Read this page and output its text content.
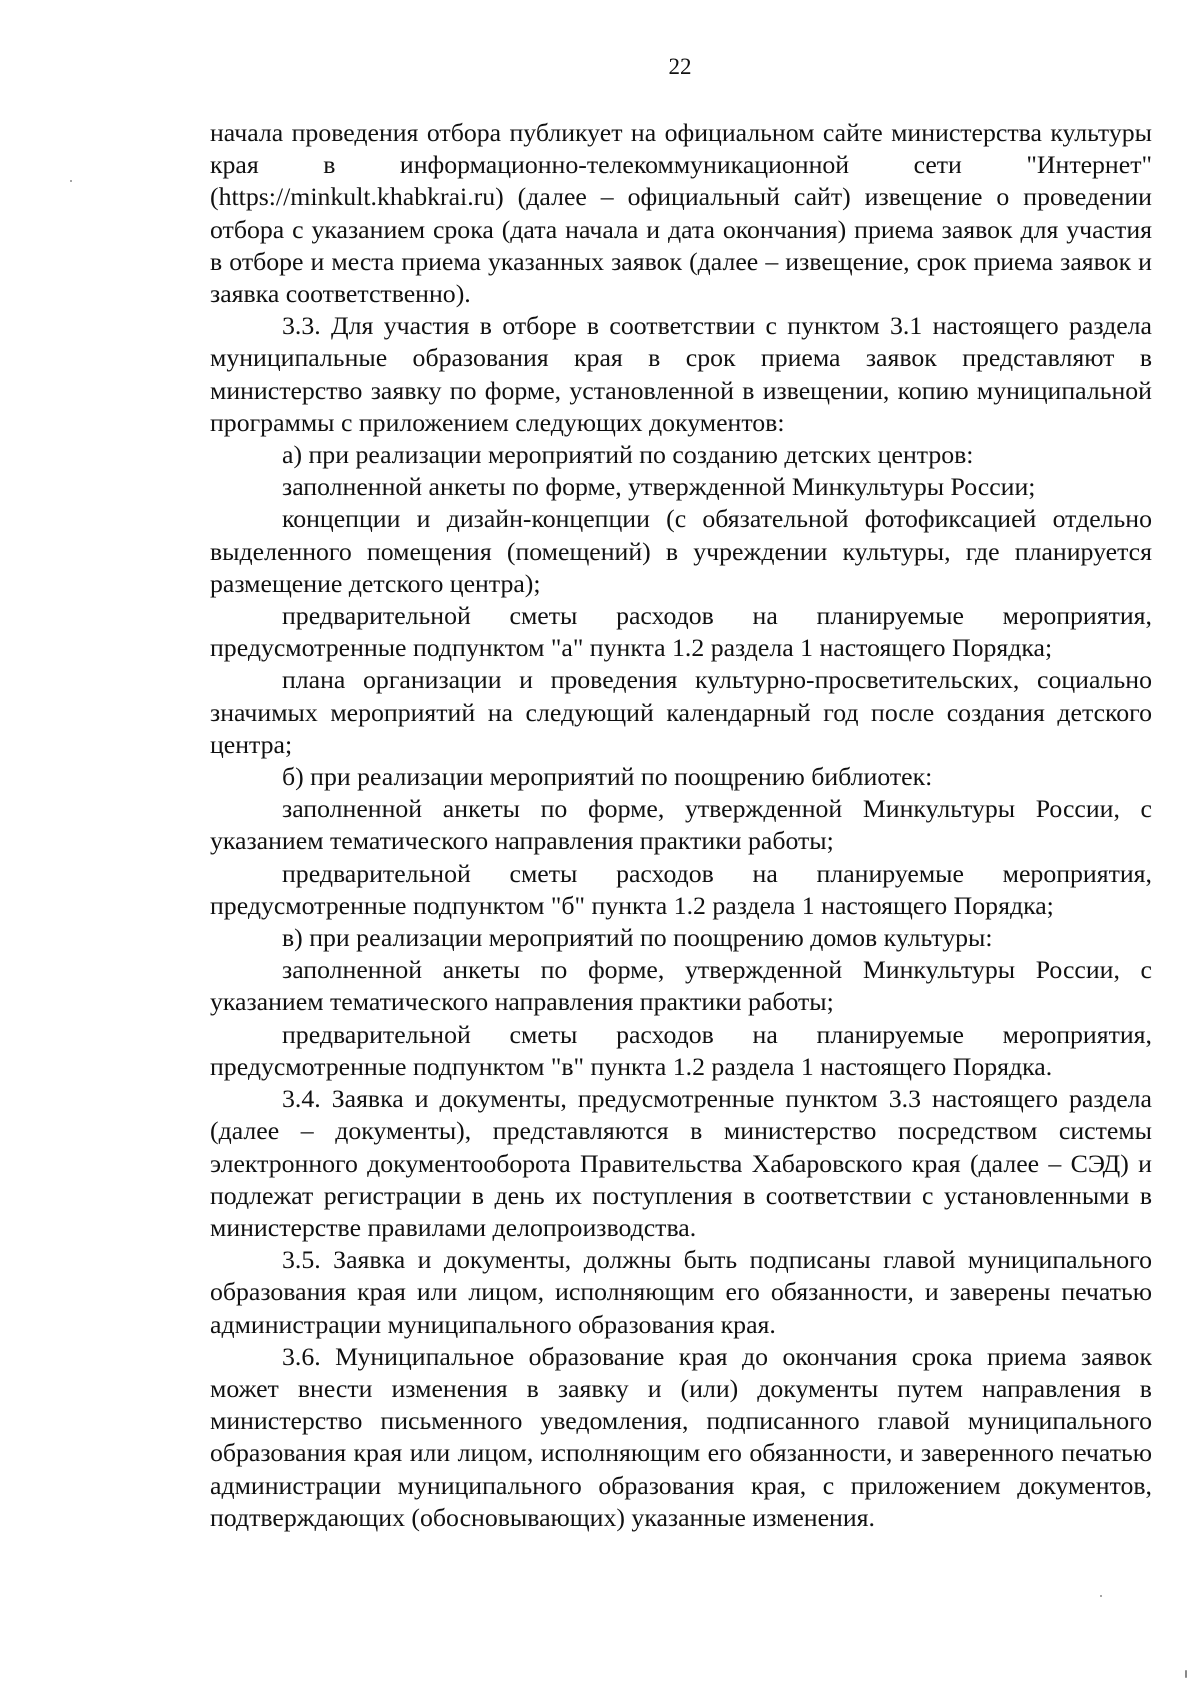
22

начала проведения отбора публикует на официальном сайте министерства культуры края в информационно-телекоммуникационной сети "Интернет" (https://minkult.khabkrai.ru) (далее – официальный сайт) извещение о проведении отбора с указанием срока (дата начала и дата окончания) приема заявок для участия в отборе и места приема указанных заявок (далее – извещение, срок приема заявок и заявка соответственно).

3.3. Для участия в отборе в соответствии с пунктом 3.1 настоящего раздела муниципальные образования края в срок приема заявок представляют в министерство заявку по форме, установленной в извещении, копию муниципальной программы с приложением следующих документов:

а) при реализации мероприятий по созданию детских центров:

заполненной анкеты по форме, утвержденной Минкультуры России;

концепции и дизайн-концепции (с обязательной фотофиксацией отдельно выделенного помещения (помещений) в учреждении культуры, где планируется размещение детского центра);

предварительной сметы расходов на планируемые мероприятия, предусмотренные подпунктом "а" пункта 1.2 раздела 1 настоящего Порядка;

плана организации и проведения культурно-просветительских, социально значимых мероприятий на следующий календарный год после создания детского центра;

б) при реализации мероприятий по поощрению библиотек:

заполненной анкеты по форме, утвержденной Минкультуры России, с указанием тематического направления практики работы;

предварительной сметы расходов на планируемые мероприятия, предусмотренные подпунктом "б" пункта 1.2 раздела 1 настоящего Порядка;

в) при реализации мероприятий по поощрению домов культуры:

заполненной анкеты по форме, утвержденной Минкультуры России, с указанием тематического направления практики работы;

предварительной сметы расходов на планируемые мероприятия, предусмотренные подпунктом "в" пункта 1.2 раздела 1 настоящего Порядка.

3.4. Заявка и документы, предусмотренные пунктом 3.3 настоящего раздела (далее – документы), представляются в министерство посредством системы электронного документооборота Правительства Хабаровского края (далее – СЭД) и подлежат регистрации в день их поступления в соответствии с установленными в министерстве правилами делопроизводства.

3.5. Заявка и документы, должны быть подписаны главой муниципального образования края или лицом, исполняющим его обязанности, и заверены печатью администрации муниципального образования края.

3.6. Муниципальное образование края до окончания срока приема заявок может внести изменения в заявку и (или) документы путем направления в министерство письменного уведомления, подписанного главой муниципального образования края или лицом, исполняющим его обязанности, и заверенного печатью администрации муниципального образования края, с приложением документов, подтверждающих (обосновывающих) указанные изменения.
